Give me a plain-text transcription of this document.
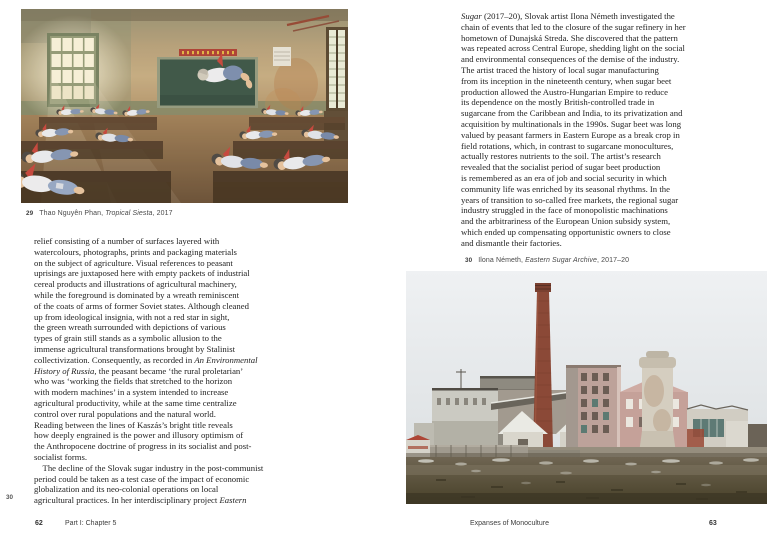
29 Thao Nguyên Phan, Tropical Siesta, 2017
relief consisting of a number of surfaces layered with
watercolours, photographs, prints and packaging materials
on the subject of agriculture. Visual references to peasant
uprisings are juxtaposed here with empty packets of industrial
cereal products and illustrations of agricultural machinery,
while the foreground is dominated by a wreath reminiscent
of the coats of arms of former Soviet states. Although cleaned
up from ideological insignia, with not a red star in sight,
the green wreath surrounded with depictions of various
types of grain still stands as a symbolic allusion to the
immense agricultural transformations brought by Stalinist
collectivization. Consequently, as recorded in An Environmental
History of Russia, the peasant became ‘the rural proletarian’
who was ‘working the fields that stretched to the horizon
with modern machines’ in a system intended to increase
agricultural productivity, while at the same time centralize
control over rural populations and the natural world.
Reading between the lines of Kaszás’s bright title reveals
how deeply engrained is the power and illusory optimism of
the Anthropocene doctrine of progress in its socialist and post-
socialist forms.
The decline of the Slovak sugar industry in the post-communist
period could be taken as a test case of the impact of economic
globalization and its neo-colonial operations on local
agricultural practices. In her interdisciplinary project Eastern
30
62	Part I: Chapter 5
Sugar (2017–20), Slovak artist Ilona Németh investigated the
chain of events that led to the closure of the sugar refinery in her
hometown of Dunajská Streda. She discovered that the pattern
was repeated across Central Europe, shedding light on the social
and environmental consequences of the demise of the industry.
The artist traced the history of local sugar manufacturing
from its inception in the nineteenth century, when sugar beet
production allowed the Austro-Hungarian Empire to reduce
its dependence on the mostly British-controlled trade in
sugarcane from the Caribbean and India, to its privatization and
acquisition by multinationals in the 1990s. Sugar beet was long
valued by peasant farmers in Eastern Europe as a break crop in
field rotations, which, in contrast to sugarcane monocultures,
actually restores nutrients to the soil. The artist’s research
revealed that the socialist period of sugar beet production
is remembered as an era of job and social security in which
community life was enriched by its seasonal rhythms. In the
years of transition to so-called free markets, the regional sugar
industry struggled in the face of monopolistic machinations
and the arbitrariness of the European Union subsidy system,
which ended up compensating opportunistic owners to close
and dismantle their factories.
30 Ilona Németh, Eastern Sugar Archive, 2017–20
Expanses of Monoculture	63
